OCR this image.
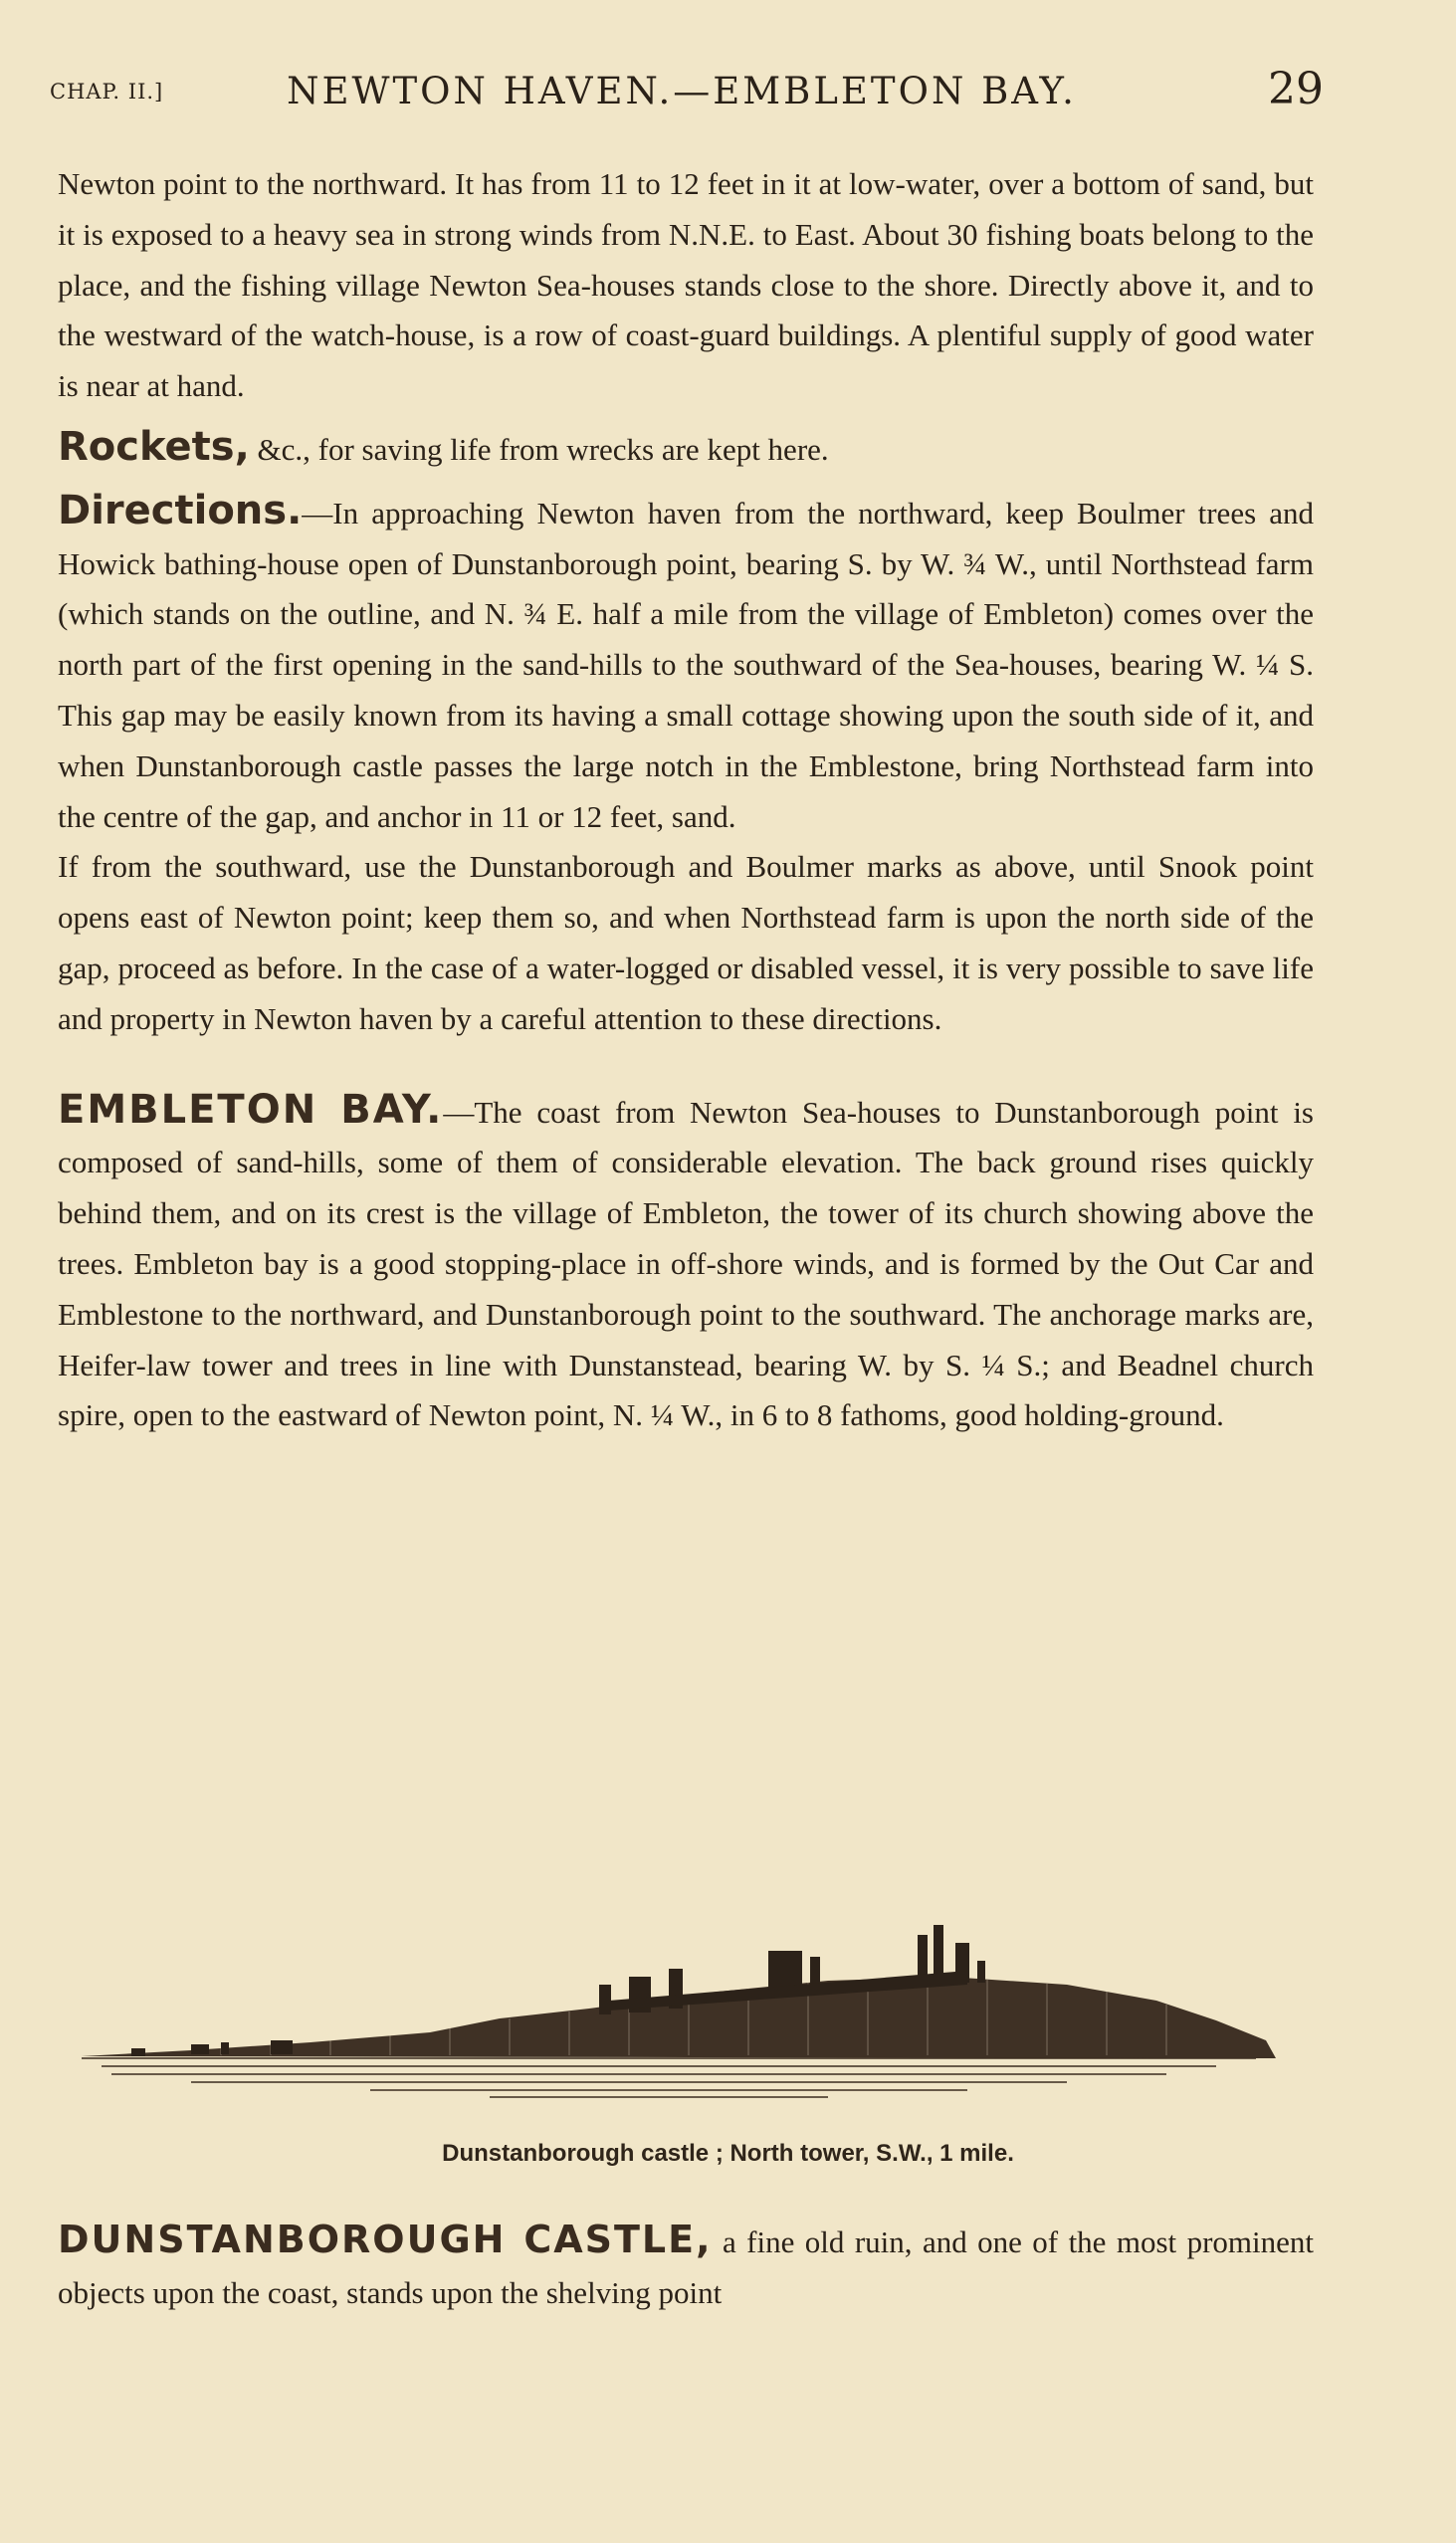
CHAP. II.]	NEWTON HAVEN.—EMBLETON BAY.	29

Newton point to the northward. It has from 11 to 12 feet in it at low-water, over a bottom of sand, but it is exposed to a heavy sea in strong winds from N.N.E. to East. About 30 fishing boats belong to the place, and the fishing village Newton Sea-houses stands close to the shore. Directly above it, and to the westward of the watch-house, is a row of coast-guard buildings. A plentiful supply of good water is near at hand.

Rockets, &c., for saving life from wrecks are kept here.

Directions.—In approaching Newton haven from the northward, keep Boulmer trees and Howick bathing-house open of Dunstanborough point, bearing S. by W. ¾ W., until Northstead farm (which stands on the outline, and N. ¾ E. half a mile from the village of Embleton) comes over the north part of the first opening in the sand-hills to the southward of the Sea-houses, bearing W. ¼ S. This gap may be easily known from its having a small cottage showing upon the south side of it, and when Dunstanborough castle passes the large notch in the Emblestone, bring Northstead farm into the centre of the gap, and anchor in 11 or 12 feet, sand.

If from the southward, use the Dunstanborough and Boulmer marks as above, until Snook point opens east of Newton point; keep them so, and when Northstead farm is upon the north side of the gap, proceed as before. In the case of a water-logged or disabled vessel, it is very possible to save life and property in Newton haven by a careful attention to these directions.

EMBLETON BAY.—The coast from Newton Sea-houses to Dunstanborough point is composed of sand-hills, some of them of considerable elevation. The back ground rises quickly behind them, and on its crest is the village of Embleton, the tower of its church showing above the trees. Embleton bay is a good stopping-place in off-shore winds, and is formed by the Out Car and Emblestone to the northward, and Dunstanborough point to the southward. The anchorage marks are, Heifer-law tower and trees in line with Dunstanstead, bearing W. by S. ¼ S.; and Beadnel church spire, open to the eastward of Newton point, N. ¼ W., in 6 to 8 fathoms, good holding-ground.

Dunstanborough castle ; North tower, S.W., 1 mile.

DUNSTANBOROUGH CASTLE, a fine old ruin, and one of the most prominent objects upon the coast, stands upon the shelving point
